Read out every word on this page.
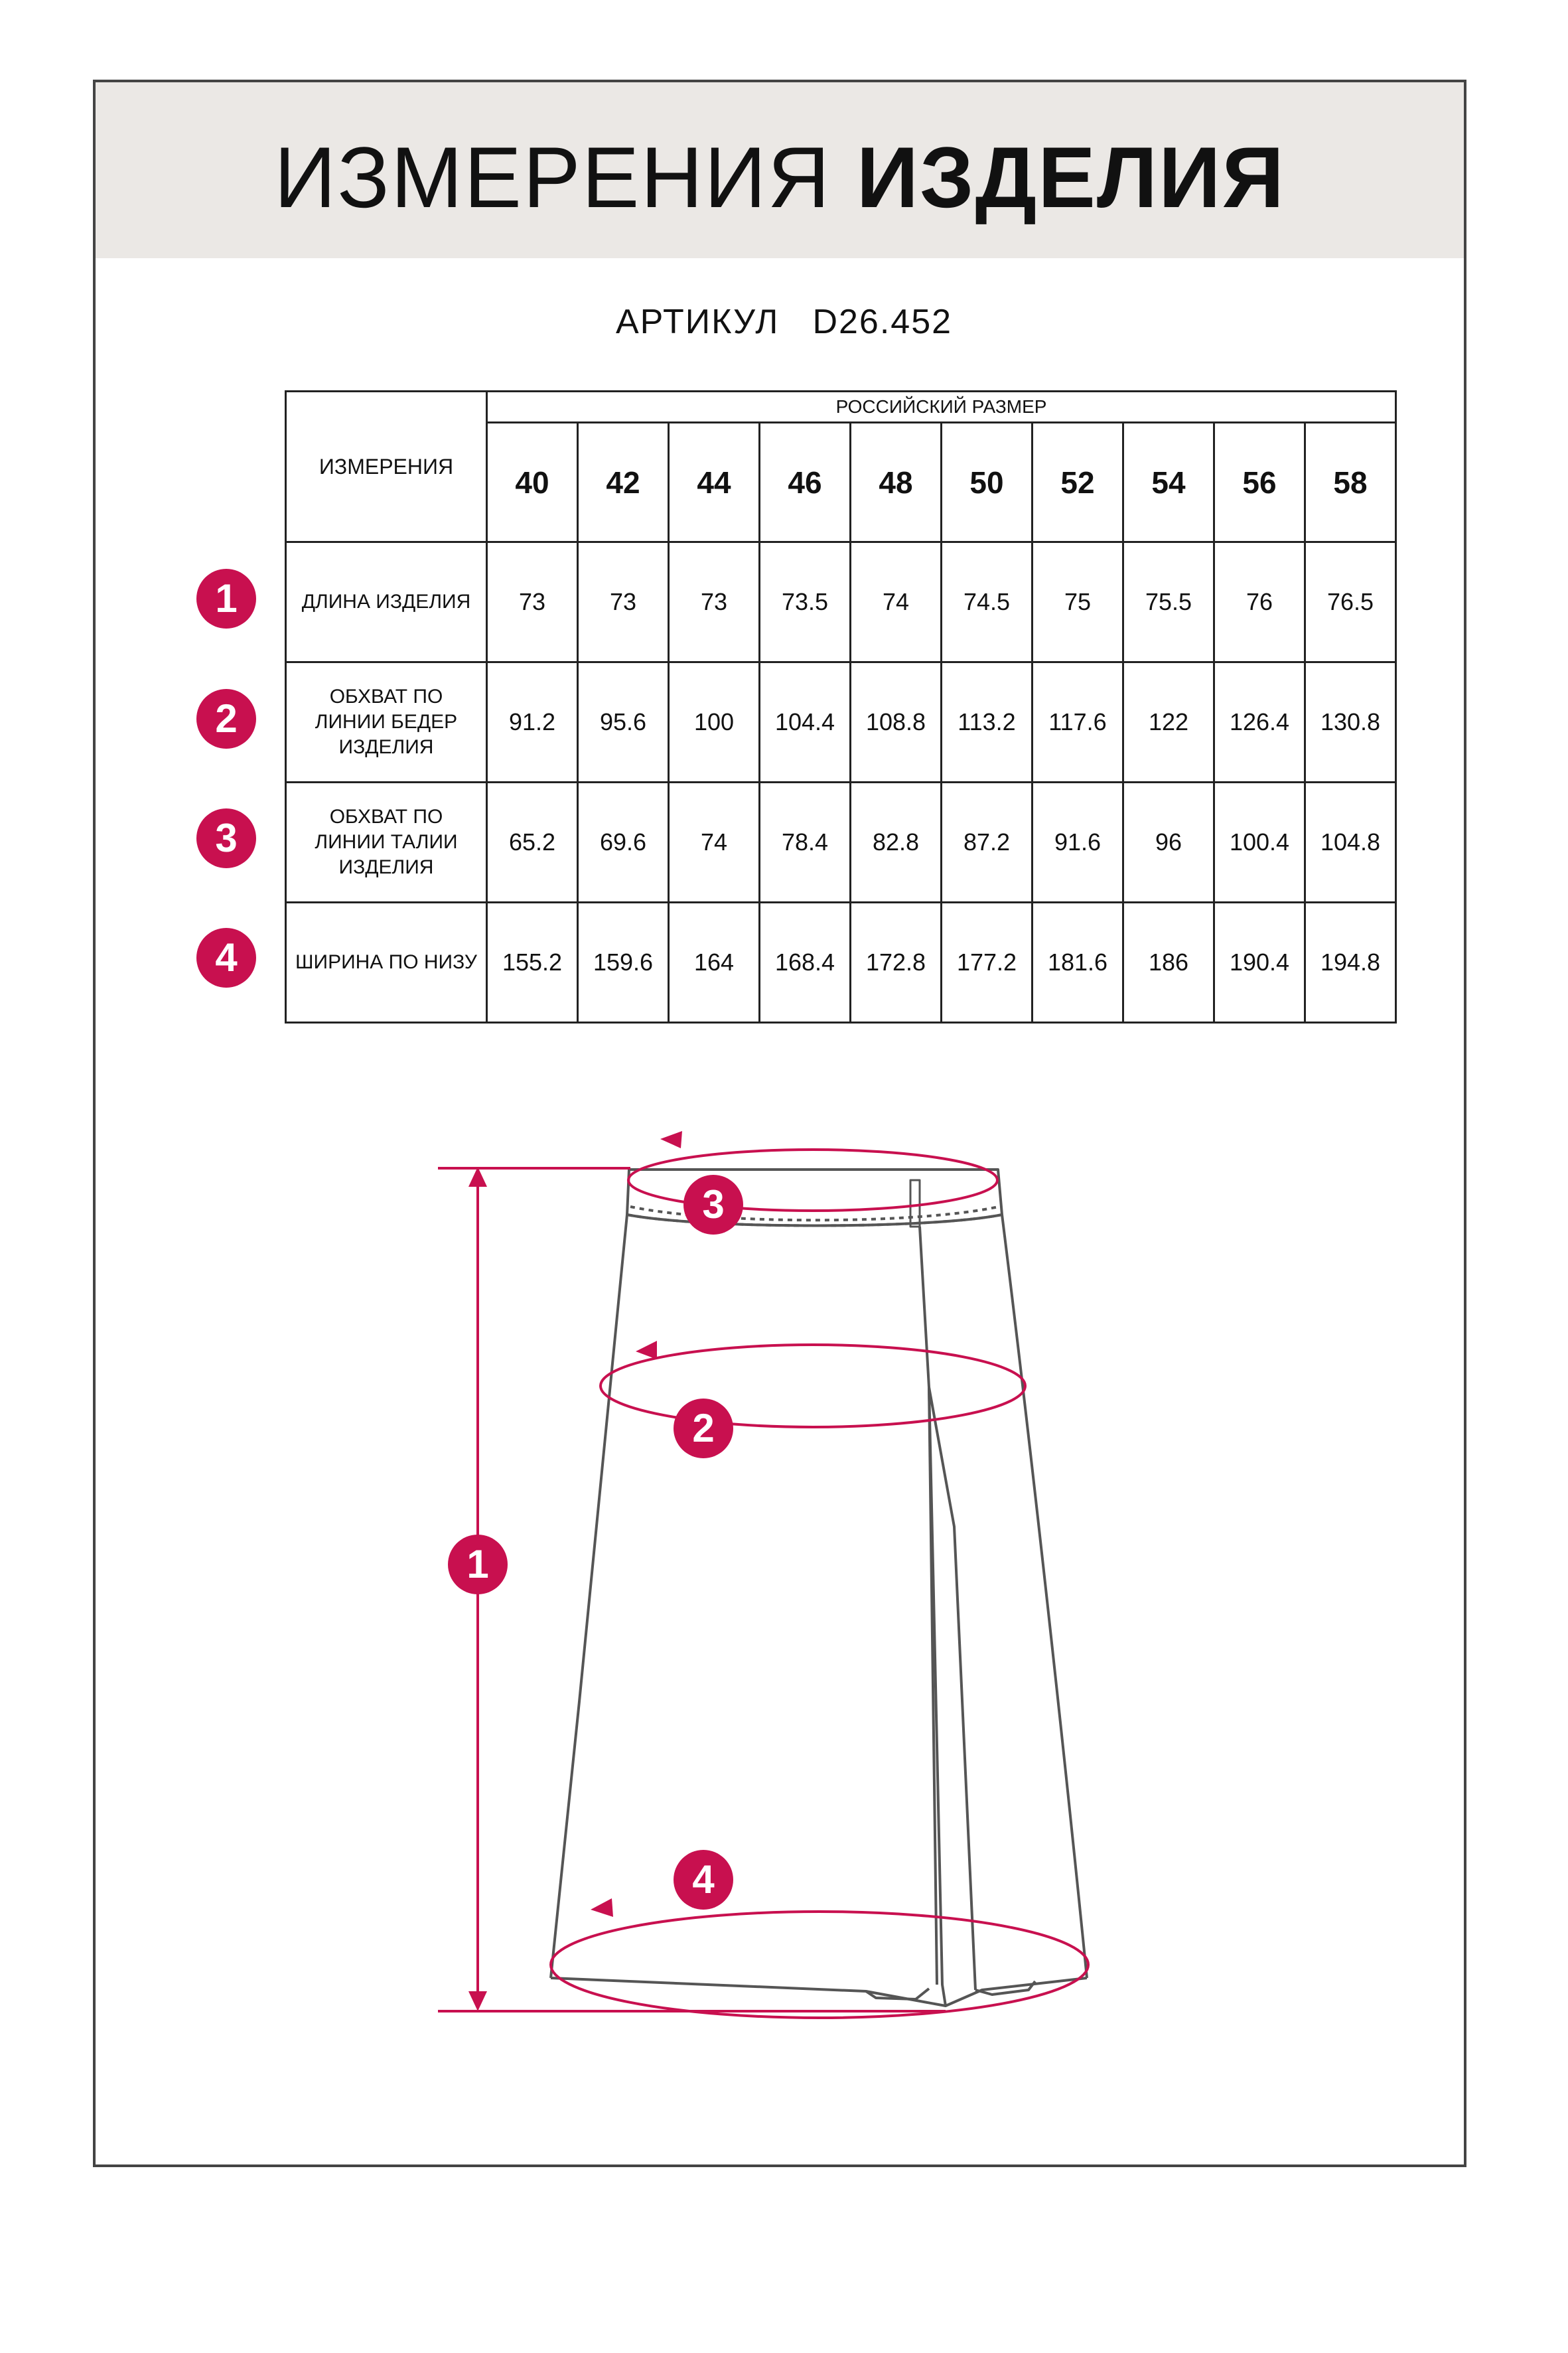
ИЗМЕРЕНИЯ ИЗДЕЛИЯ
АРТИКУЛ D26.452
ИЗМЕРЕНИЯ	РОССИЙСКИЙ РАЗМЕР									
	40	42	44	46	48	50	52	54	56	58
ДЛИНА ИЗДЕЛИЯ	73	73	73	73.5	74	74.5	75	75.5	76	76.5
ОБХВАТ ПО ЛИНИИ БЕДЕР ИЗДЕЛИЯ	91.2	95.6	100	104.4	108.8	113.2	117.6	122	126.4	130.8
ОБХВАТ ПО ЛИНИИ ТАЛИИ ИЗДЕЛИЯ	65.2	69.6	74	78.4	82.8	87.2	91.6	96	100.4	104.8
ШИРИНА ПО НИЗУ	155.2	159.6	164	168.4	172.8	177.2	181.6	186	190.4	194.8
1
2
3
4
1
2
3
4
